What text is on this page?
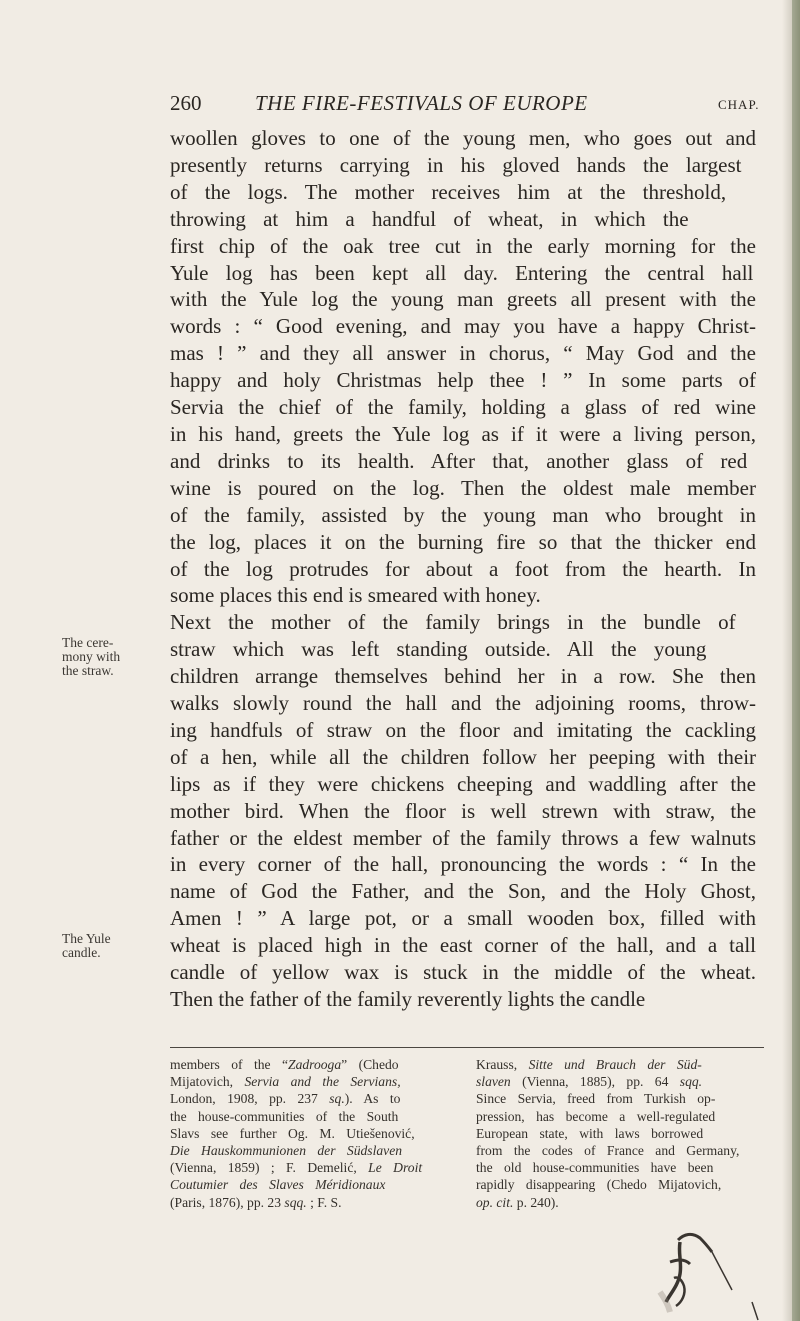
260	THE FIRE-FESTIVALS OF EUROPE	CHAP.
woollen gloves to one of the young men, who goes out and
presently returns carrying in his gloved hands the largest
of the logs. The mother receives him at the threshold,
throwing at him a handful of wheat, in which the
first chip of the oak tree cut in the early morning for the
Yule log has been kept all day. Entering the central hall
with the Yule log the young man greets all present with the
words : “ Good evening, and may you have a happy Christ-
mas ! ” and they all answer in chorus, “ May God and the
happy and holy Christmas help thee ! ” In some parts of
Servia the chief of the family, holding a glass of red wine
in his hand, greets the Yule log as if it were a living person,
and drinks to its health. After that, another glass of red
wine is poured on the log. Then the oldest male member
of the family, assisted by the young man who brought in
the log, places it on the burning fire so that the thicker end
of the log protrudes for about a foot from the hearth. In
some places this end is smeared with honey.
Next the mother of the family brings in the bundle of
straw which was left standing outside. All the young
children arrange themselves behind her in a row. She then
walks slowly round the hall and the adjoining rooms, throw-
ing handfuls of straw on the floor and imitating the cackling
of a hen, while all the children follow her peeping with their
lips as if they were chickens cheeping and waddling after the
mother bird. When the floor is well strewn with straw, the
father or the eldest member of the family throws a few walnuts
in every corner of the hall, pronouncing the words : “ In the
name of God the Father, and the Son, and the Holy Ghost,
Amen ! ” A large pot, or a small wooden box, filled with
wheat is placed high in the east corner of the hall, and a tall
candle of yellow wax is stuck in the middle of the wheat.
Then the father of the family reverently lights the candle
The cere-
mony with
the straw.
The Yule
candle.
members of the “Zadrooga” (Chedo
Mijatovich, Servia and the Servians,
London, 1908, pp. 237 sq.). As to
the house-communities of the South
Slavs see further Og. M. Utiešenović,
Die Hauskommunionen der Südslaven
(Vienna, 1859) ; F. Demelić, Le Droit
Coutumier des Slaves Méridionaux
(Paris, 1876), pp. 23 sqq. ; F. S.
Krauss, Sitte und Brauch der Süd-
slaven (Vienna, 1885), pp. 64 sqq.
Since Servia, freed from Turkish op-
pression, has become a well-regulated
European state, with laws borrowed
from the codes of France and Germany,
the old house-communities have been
rapidly disappearing (Chedo Mijatovich,
op. cit. p. 240).
